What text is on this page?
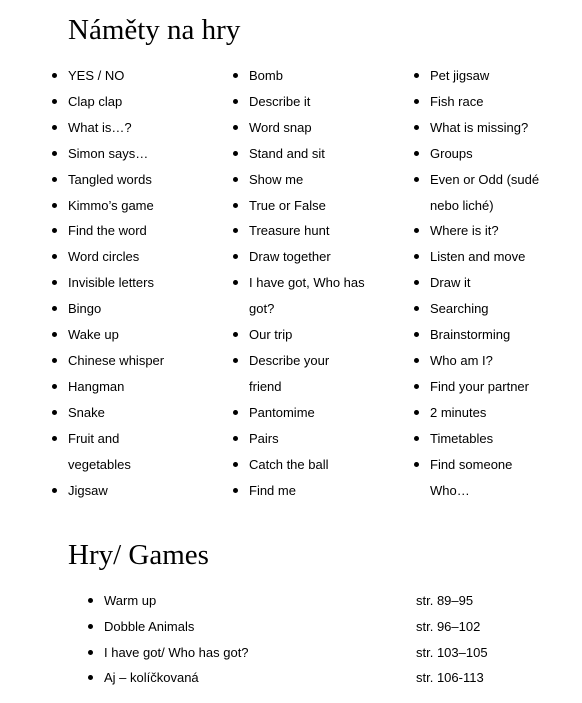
Náměty na hry
YES / NO
Clap clap
What is…?
Simon says…
Tangled words
Kimmo’s game
Find the word
Word circles
Invisible letters
Bingo
Wake up
Chinese whisper
Hangman
Snake
Fruit and vegetables
Jigsaw
Bomb
Describe it
Word snap
Stand and sit
Show me
True or False
Treasure hunt
Draw together
I have got, Who has got?
Our trip
Describe your friend
Pantomime
Pairs
Catch the ball
Find me
Pet jigsaw
Fish race
What is missing?
Groups
Even or Odd (sudé nebo liché)
Where is it?
Listen and move
Draw it
Searching
Brainstorming
Who am I?
Find your partner
2 minutes
Timetables
Find someone Who…
Hry/ Games
Warm up	str. 89–95
Dobble Animals	str. 96–102
I have got/ Who has got?	str. 103–105
Aj – kolíčkovaná	str. 106-113
